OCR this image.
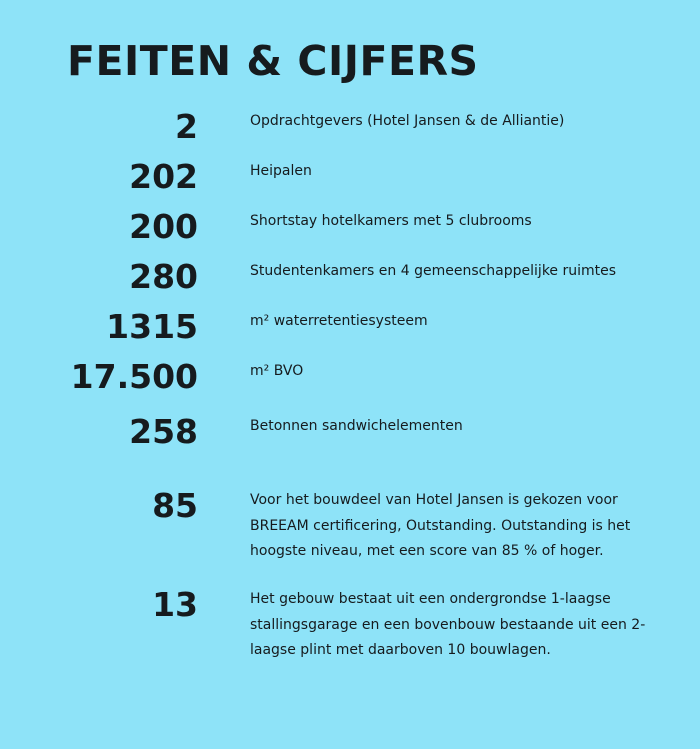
FEITEN & CIJFERS
2	Opdrachtgevers (Hotel Jansen & de Alliantie)
202	Heipalen
200	Shortstay hotelkamers met 5 clubrooms
280	Studentenkamers en 4 gemeenschappelijke ruimtes
1315	m² waterretentiesysteem
17.500	m² BVO
258	Betonnen sandwichelementen
85	Voor het bouwdeel van Hotel Jansen is gekozen voor BREEAM certificering, Outstanding. Outstanding is het hoogste niveau, met een score van 85 % of hoger.
13	Het gebouw bestaat uit een ondergrondse 1-laagse stallingsgarage en een bovenbouw bestaande uit een 2-laagse plint met daarboven 10 bouwlagen.
